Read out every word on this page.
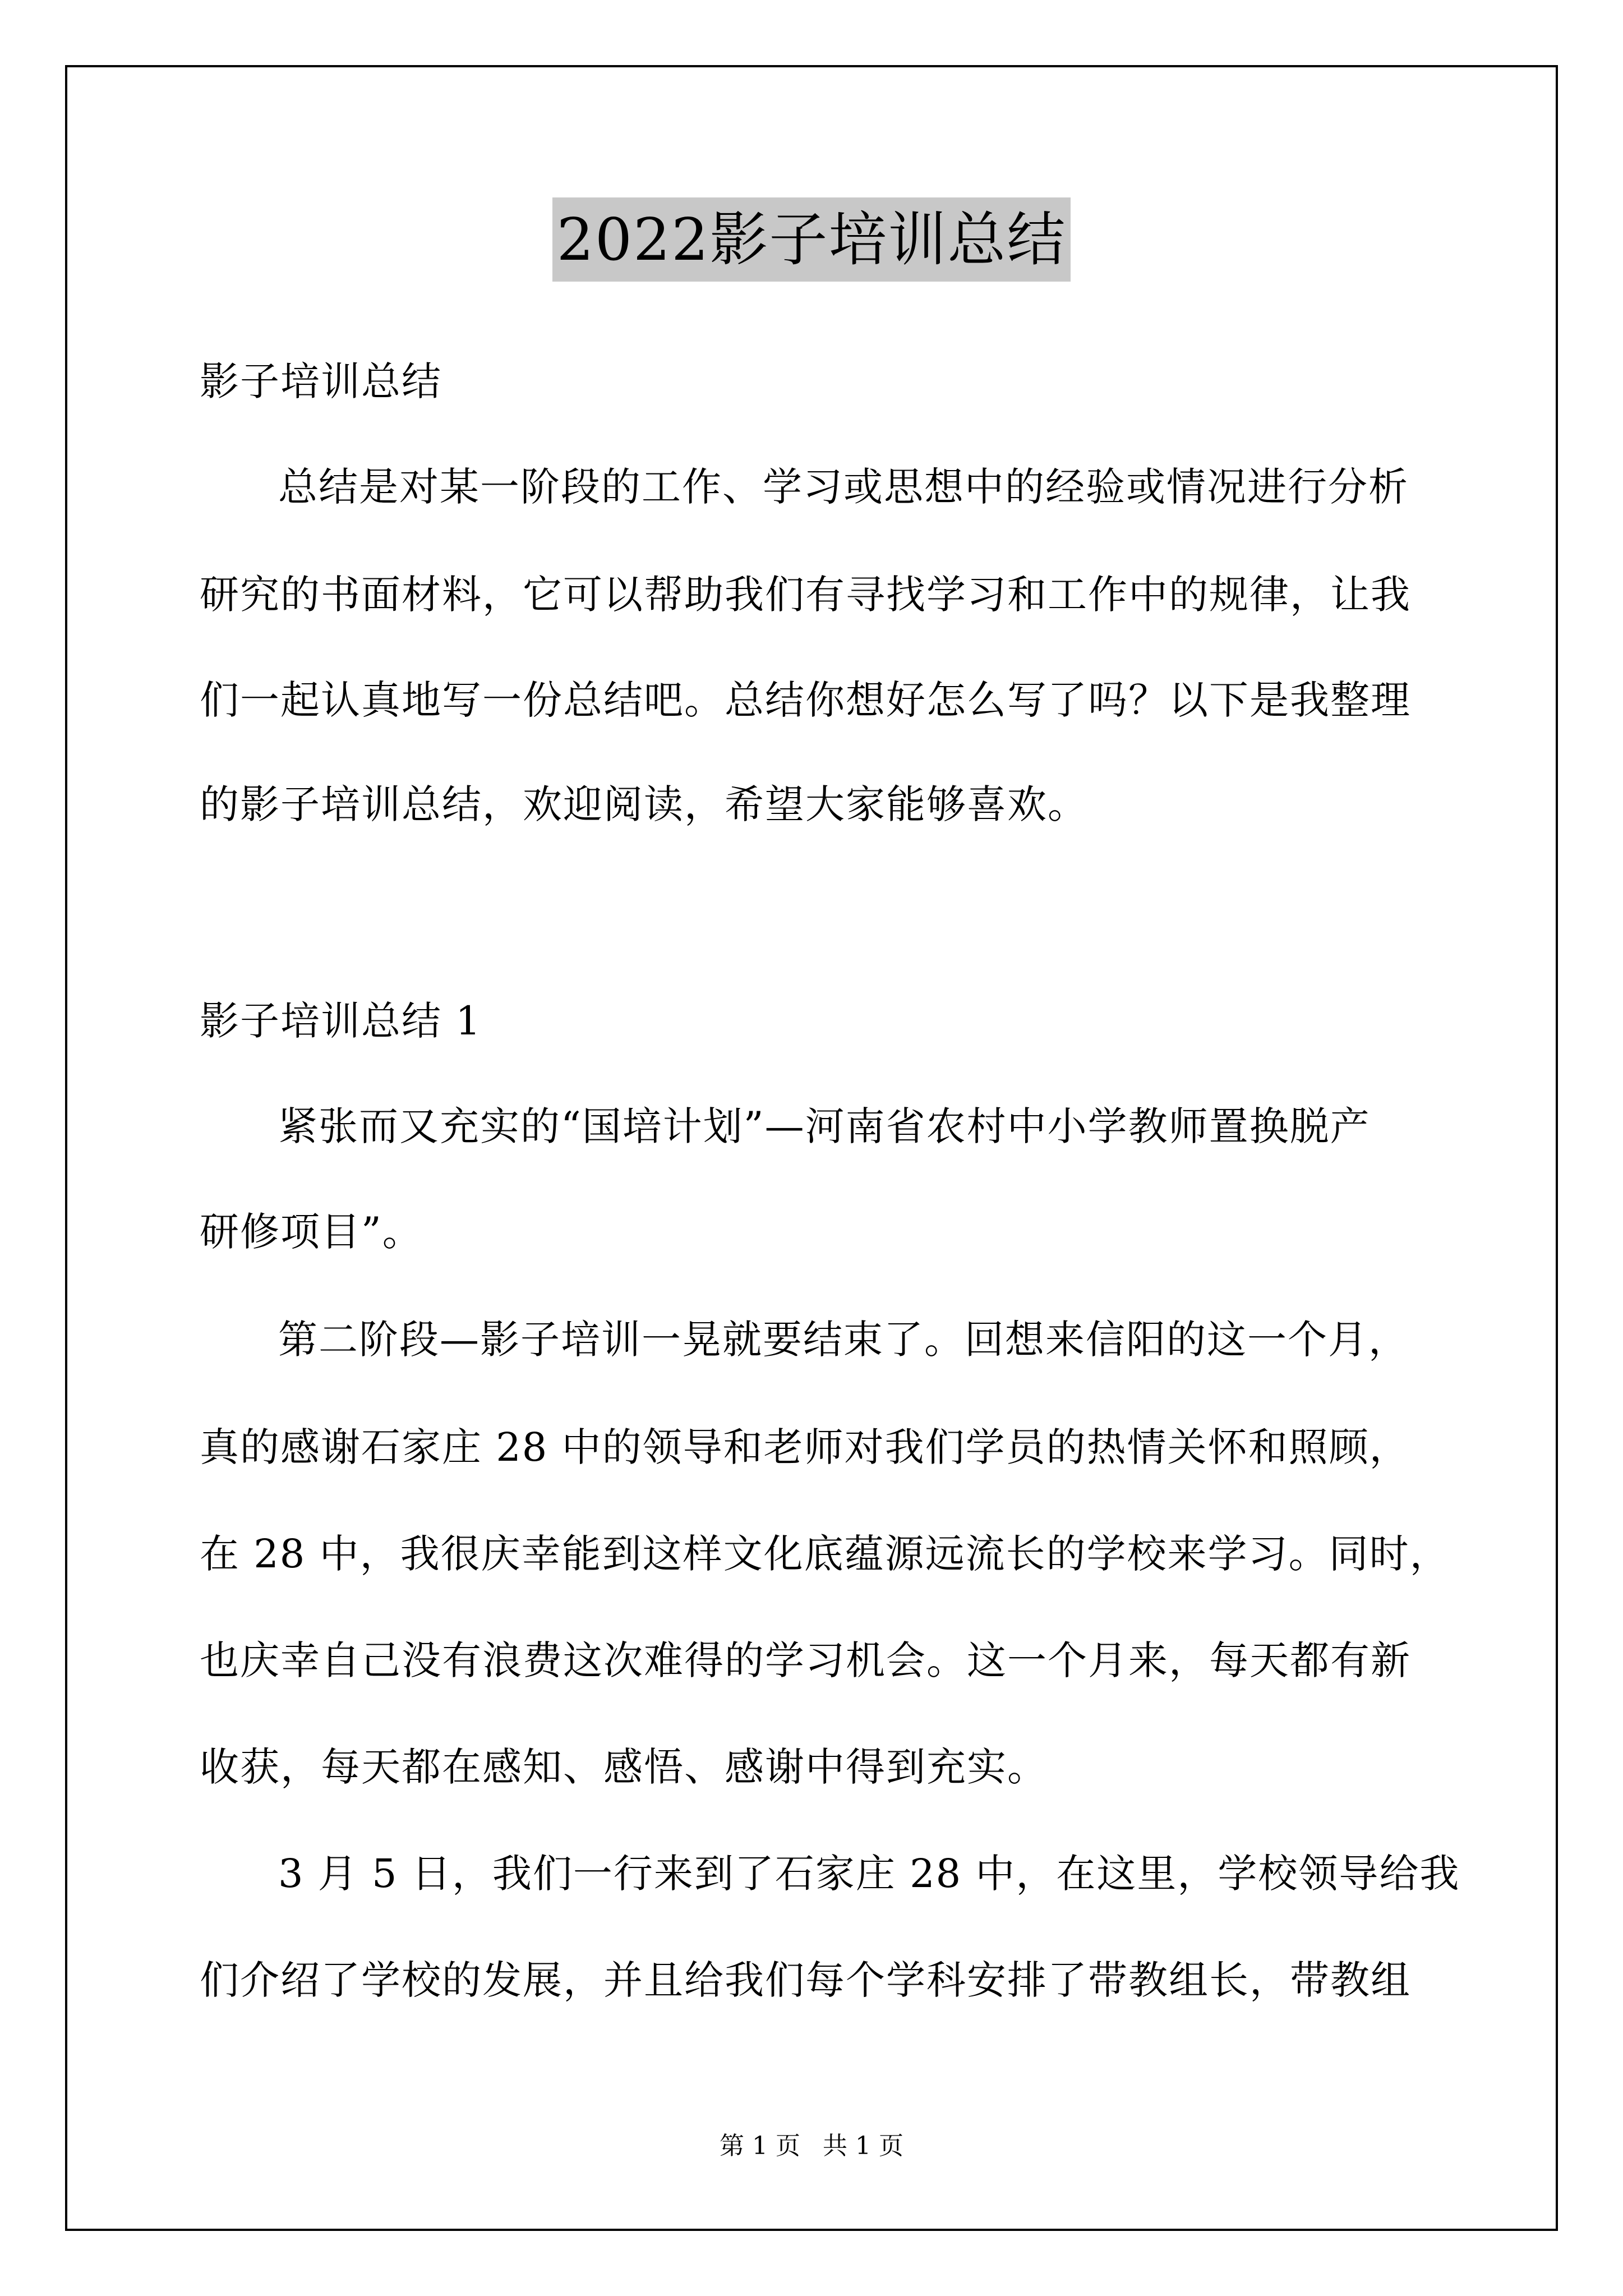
2022影子培训总结
影子培训总结
总结是对某一阶段的工作、学习或思想中的经验或情况进行分析
研究的书面材料，它可以帮助我们有寻找学习和工作中的规律，让我
们一起认真地写一份总结吧。总结你想好怎么写了吗？以下是我整理
的影子培训总结，欢迎阅读，希望大家能够喜欢。
影子培训总结 1
紧张而又充实的“国培计划”—河南省农村中小学教师置换脱产
研修项目”。
第二阶段—影子培训一晃就要结束了。回想来信阳的这一个月，
真的感谢石家庄 28 中的领导和老师对我们学员的热情关怀和照顾，
在 28 中，我很庆幸能到这样文化底蕴源远流长的学校来学习。同时，
也庆幸自己没有浪费这次难得的学习机会。这一个月来，每天都有新
收获，每天都在感知、感悟、感谢中得到充实。
3 月 5 日，我们一行来到了石家庄 28 中，在这里，学校领导给我
们介绍了学校的发展，并且给我们每个学科安排了带教组长，带教组
第 1 页 共 1 页
